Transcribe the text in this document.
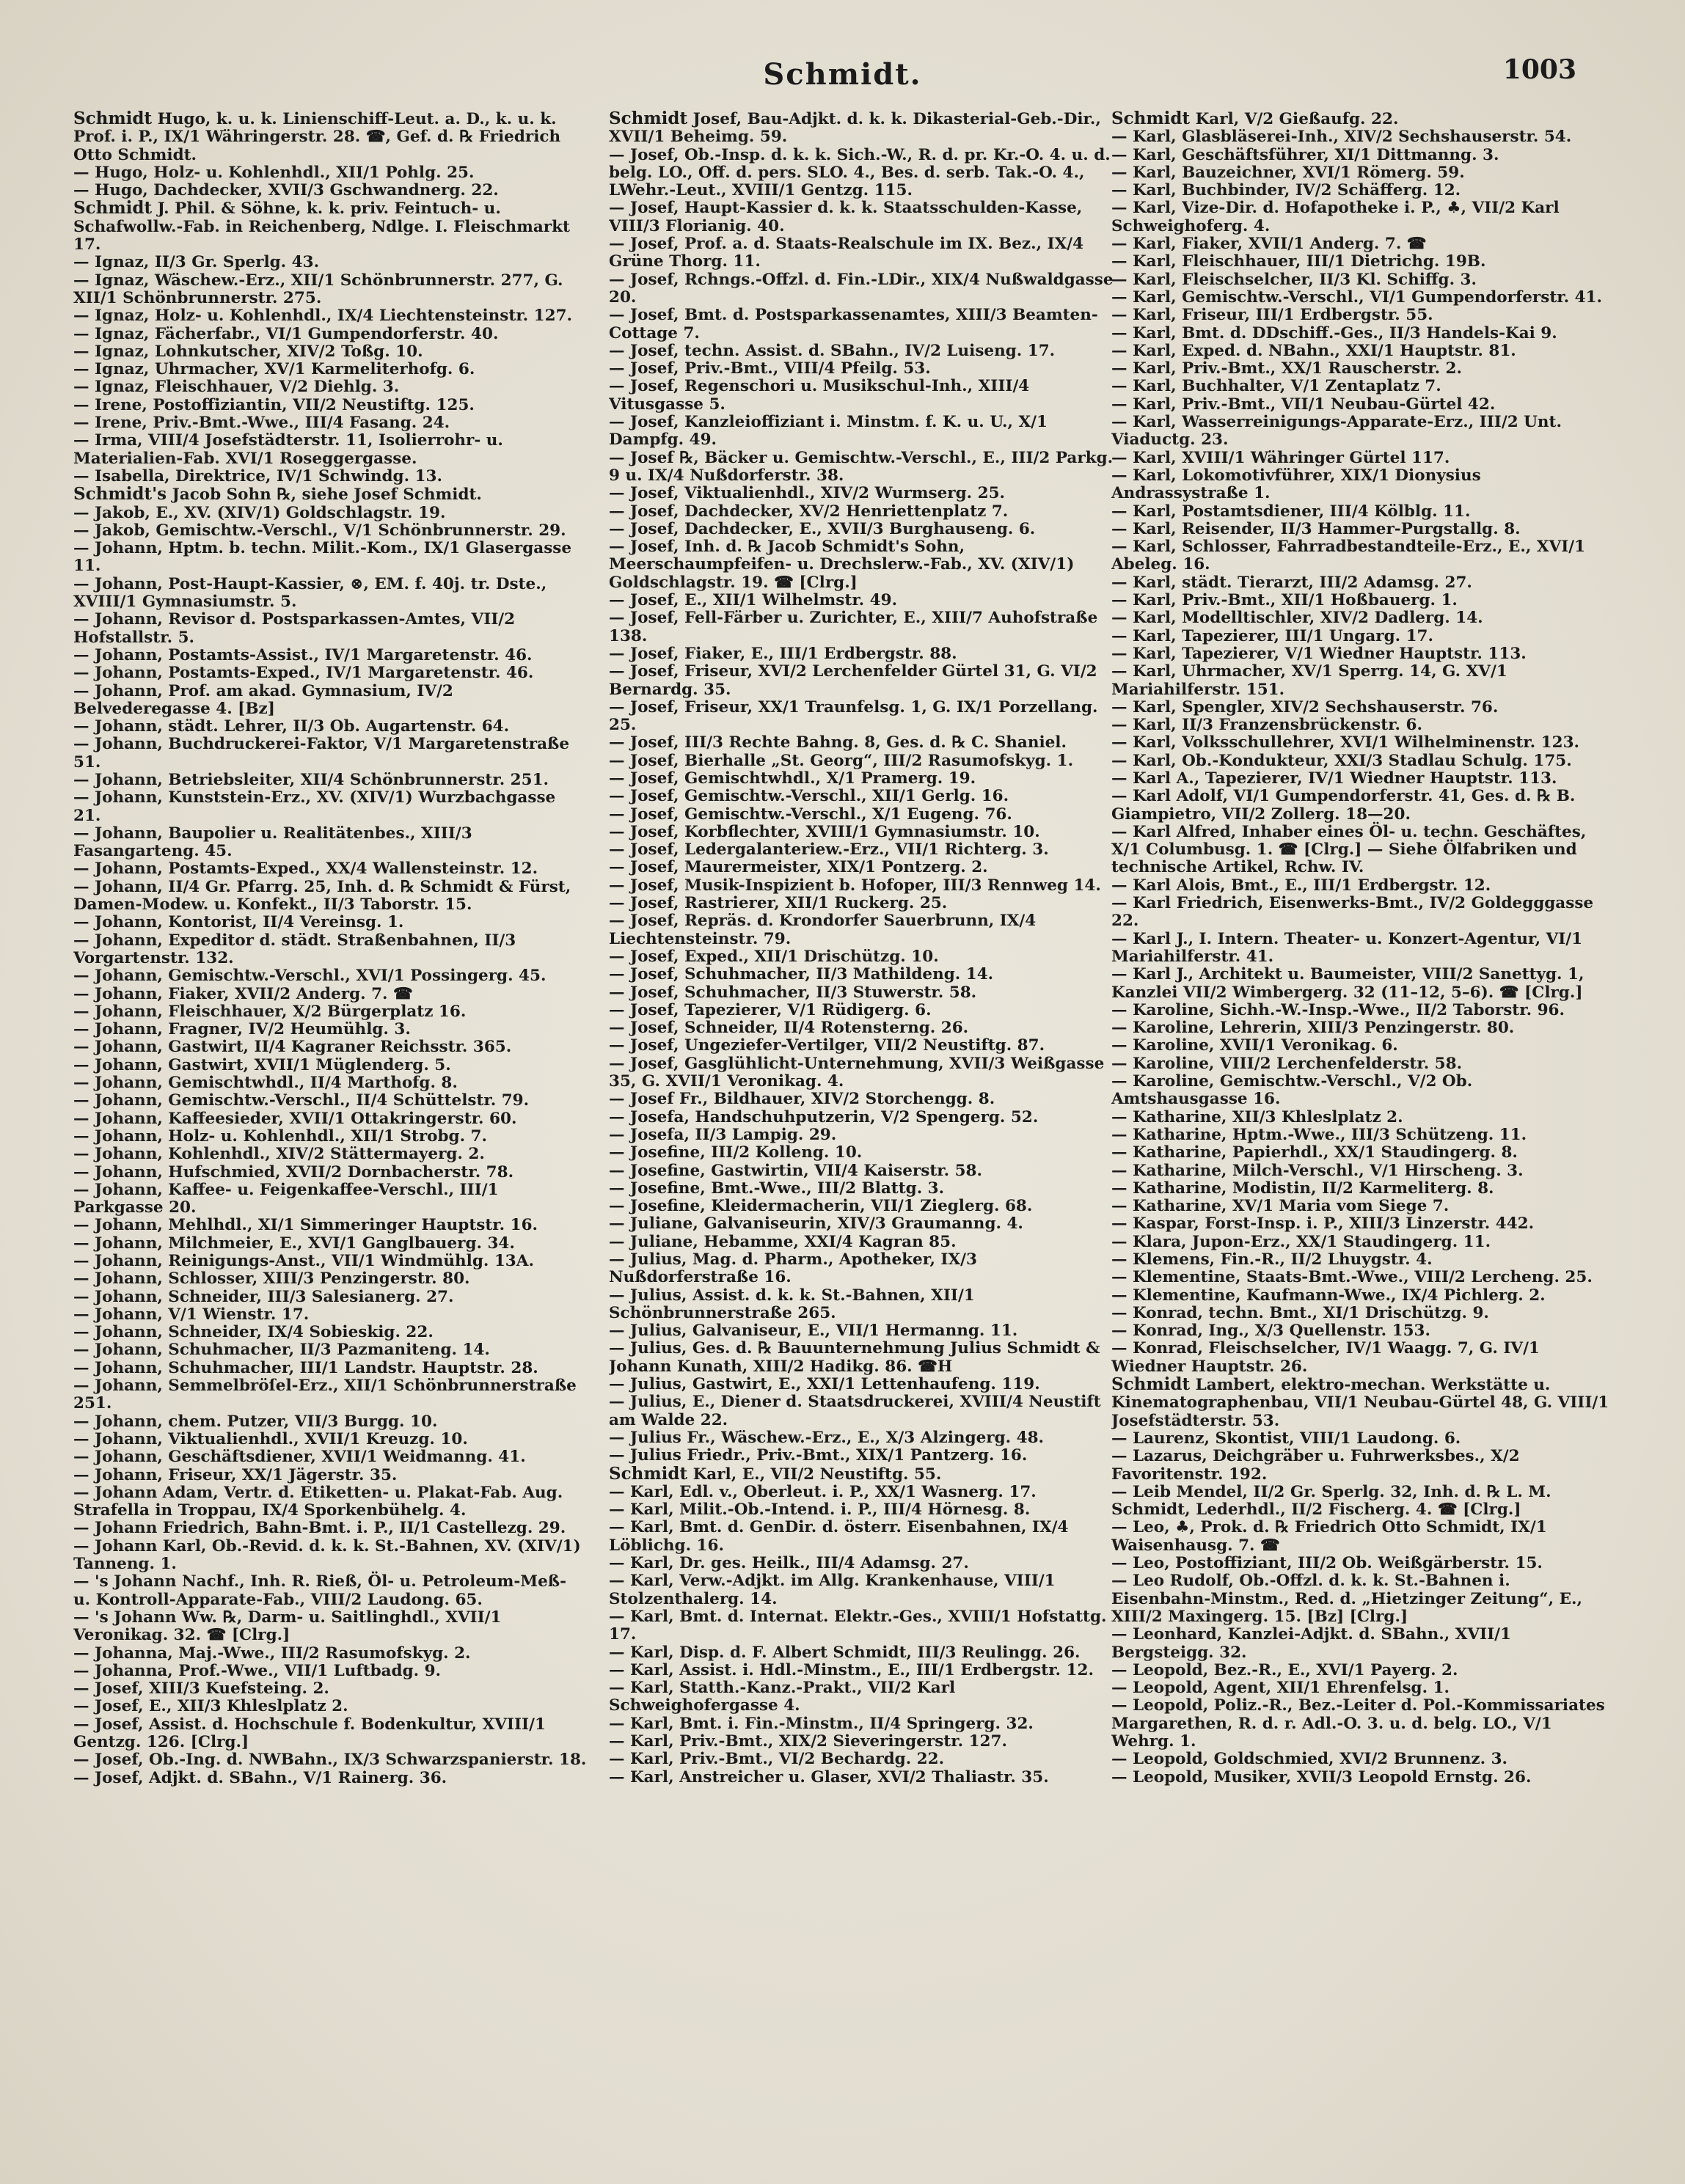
Schmidt.	1003

Schmidt Hugo, k. u. k. Linienschiff-Leut. a. D., k. u. k. Prof. i. P., IX/1 Währingerstr. 28. ☎, Gef. d. ℞ Friedrich Otto Schmidt.

— Hugo, Holz- u. Kohlenhdl., XII/1 Pohlg. 25.

— Hugo, Dachdecker, XVII/3 Gschwandnerg. 22.

Schmidt J. Phil. & Söhne, k. k. priv. Feintuch- u. Schafwollw.-Fab. in Reichenberg, Ndlge. I. Fleischmarkt 17.

— Ignaz, II/3 Gr. Sperlg. 43.

— Ignaz, Wäschew.-Erz., XII/1 Schönbrunnerstr. 277, G. XII/1 Schönbrunnerstr. 275.

— Ignaz, Holz- u. Kohlenhdl., IX/4 Liechtensteinstr. 127.

— Ignaz, Fächerfabr., VI/1 Gumpendorferstr. 40.

— Ignaz, Lohnkutscher, XIV/2 Toßg. 10.

— Ignaz, Uhrmacher, XV/1 Karmeliterhofg. 6.

— Ignaz, Fleischhauer, V/2 Diehlg. 3.

— Irene, Postoffiziantin, VII/2 Neustiftg. 125.

— Irene, Priv.-Bmt.-Wwe., III/4 Fasang. 24.

— Irma, VIII/4 Josefstädterstr. 11, Isolierrohr- u. Materialien-Fab. XVI/1 Roseggergasse.

— Isabella, Direktrice, IV/1 Schwindg. 13.

Schmidt's Jacob Sohn ℞, siehe Josef Schmidt.

— Jakob, E., XV. (XIV/1) Goldschlagstr. 19.

— Jakob, Gemischtw.-Verschl., V/1 Schönbrunnerstr. 29.

— Johann, Hptm. b. techn. Milit.-Kom., IX/1 Glasergasse 11.

— Johann, Post-Haupt-Kassier, ⊗, EM. f. 40j. tr. Dste., XVIII/1 Gymnasiumstr. 5.

— Johann, Revisor d. Postsparkassen-Amtes, VII/2 Hofstallstr. 5.

— Johann, Postamts-Assist., IV/1 Margaretenstr. 46.

— Johann, Postamts-Exped., IV/1 Margaretenstr. 46.

— Johann, Prof. am akad. Gymnasium, IV/2 Belvederegasse 4. [Bz]

— Johann, städt. Lehrer, II/3 Ob. Augartenstr. 64.

— Johann, Buchdruckerei-Faktor, V/1 Margaretenstraße 51.

— Johann, Betriebsleiter, XII/4 Schönbrunnerstr. 251.

— Johann, Kunststein-Erz., XV. (XIV/1) Wurzbachgasse 21.

— Johann, Baupolier u. Realitätenbes., XIII/3 Fasangarteng. 45.

— Johann, Postamts-Exped., XX/4 Wallensteinstr. 12.

— Johann, II/4 Gr. Pfarrg. 25, Inh. d. ℞ Schmidt & Fürst, Damen-Modew. u. Konfekt., II/3 Taborstr. 15.

— Johann, Kontorist, II/4 Vereinsg. 1.

— Johann, Expeditor d. städt. Straßenbahnen, II/3 Vorgartenstr. 132.

— Johann, Gemischtw.-Verschl., XVI/1 Possingerg. 45.

— Johann, Fiaker, XVII/2 Anderg. 7. ☎

— Johann, Fleischhauer, X/2 Bürgerplatz 16.

— Johann, Fragner, IV/2 Heumühlg. 3.

— Johann, Gastwirt, II/4 Kagraner Reichsstr. 365.

— Johann, Gastwirt, XVII/1 Müglenderg. 5.

— Johann, Gemischtwhdl., II/4 Marthofg. 8.

— Johann, Gemischtw.-Verschl., II/4 Schüttelstr. 79.

— Johann, Kaffeesieder, XVII/1 Ottakringerstr. 60.

— Johann, Holz- u. Kohlenhdl., XII/1 Strobg. 7.

— Johann, Kohlenhdl., XIV/2 Stättermayerg. 2.

— Johann, Hufschmied, XVII/2 Dornbacherstr. 78.

— Johann, Kaffee- u. Feigenkaffee-Verschl., III/1 Parkgasse 20.

— Johann, Mehlhdl., XI/1 Simmeringer Hauptstr. 16.

— Johann, Milchmeier, E., XVI/1 Ganglbauerg. 34.

— Johann, Reinigungs-Anst., VII/1 Windmühlg. 13A.

— Johann, Schlosser, XIII/3 Penzingerstr. 80.

— Johann, Schneider, III/3 Salesianerg. 27.

— Johann, V/1 Wienstr. 17.

— Johann, Schneider, IX/4 Sobieskig. 22.

— Johann, Schuhmacher, II/3 Pazmaniteng. 14.

— Johann, Schuhmacher, III/1 Landstr. Hauptstr. 28.

— Johann, Semmelbröſel-Erz., XII/1 Schönbrunnerstraße 251.

— Johann, chem. Putzer, VII/3 Burgg. 10.

— Johann, Viktualienhdl., XVII/1 Kreuzg. 10.

— Johann, Geschäftsdiener, XVII/1 Weidmanng. 41.

— Johann, Friseur, XX/1 Jägerstr. 35.

— Johann Adam, Vertr. d. Etiketten- u. Plakat-Fab. Aug. Strafella in Troppau, IX/4 Sporkenbühelg. 4.

— Johann Friedrich, Bahn-Bmt. i. P., II/1 Castellezg. 29.

— Johann Karl, Ob.-Revid. d. k. k. St.-Bahnen, XV. (XIV/1) Tanneng. 1.

— 's Johann Nachf., Inh. R. Rieß, Öl- u. Petroleum-Meß- u. Kontroll-Apparate-Fab., VIII/2 Laudong. 65.

— 's Johann Ww. ℞, Darm- u. Saitlinghdl., XVII/1 Veronikag. 32. ☎ [Clrg.]

— Johanna, Maj.-Wwe., III/2 Rasumofskyg. 2.

— Johanna, Prof.-Wwe., VII/1 Luftbadg. 9.

— Josef, XIII/3 Kuefsteing. 2.

— Josef, E., XII/3 Khleslplatz 2.

— Josef, Assist. d. Hochschule f. Bodenkultur, XVIII/1 Gentzg. 126. [Clrg.]

— Josef, Ob.-Ing. d. NWBahn., IX/3 Schwarzspanierstr. 18.

— Josef, Adjkt. d. SBahn., V/1 Rainerg. 36.

Schmidt Josef, Bau-Adjkt. d. k. k. Dikasterial-Geb.-Dir., XVII/1 Beheimg. 59.

— Josef, Ob.-Insp. d. k. k. Sich.-W., R. d. pr. Kr.-O. 4. u. d. belg. LO., Off. d. pers. SLO. 4., Bes. d. serb. Tak.-O. 4., LWehr.-Leut., XVIII/1 Gentzg. 115.

— Josef, Haupt-Kassier d. k. k. Staatsschulden-Kasse, VIII/3 Florianig. 40.

— Josef, Prof. a. d. Staats-Realschule im IX. Bez., IX/4 Grüne Thorg. 11.

— Josef, Rchngs.-Offzl. d. Fin.-LDir., XIX/4 Nußwaldgasse 20.

— Josef, Bmt. d. Postsparkassenamtes, XIII/3 Beamten-Cottage 7.

— Josef, techn. Assist. d. SBahn., IV/2 Luiseng. 17.

— Josef, Priv.-Bmt., VIII/4 Pfeilg. 53.

— Josef, Regenschori u. Musikschul-Inh., XIII/4 Vitusgasse 5.

— Josef, Kanzleioffiziant i. Minstm. f. K. u. U., X/1 Dampfg. 49.

— Josef ℞, Bäcker u. Gemischtw.-Verschl., E., III/2 Parkg. 9 u. IX/4 Nußdorferstr. 38.

— Josef, Viktualienhdl., XIV/2 Wurmserg. 25.

— Josef, Dachdecker, XV/2 Henriettenplatz 7.

— Josef, Dachdecker, E., XVII/3 Burghauseng. 6.

— Josef, Inh. d. ℞ Jacob Schmidt's Sohn, Meerschaumpfeifen- u. Drechslerw.-Fab., XV. (XIV/1) Goldschlagstr. 19. ☎ [Clrg.]

— Josef, E., XII/1 Wilhelmstr. 49.

— Josef, Fell-Färber u. Zurichter, E., XIII/7 Auhofstraße 138.

— Josef, Fiaker, E., III/1 Erdbergstr. 88.

— Josef, Friseur, XVI/2 Lerchenfelder Gürtel 31, G. VI/2 Bernardg. 35.

— Josef, Friseur, XX/1 Traunfelsg. 1, G. IX/1 Porzellang. 25.

— Josef, III/3 Rechte Bahng. 8, Ges. d. ℞ C. Shaniel.

— Josef, Bierhalle „St. Georg“, III/2 Rasumofskyg. 1.

— Josef, Gemischtwhdl., X/1 Pramerg. 19.

— Josef, Gemischtw.-Verschl., XII/1 Gerlg. 16.

— Josef, Gemischtw.-Verschl., X/1 Eugeng. 76.

— Josef, Korbflechter, XVIII/1 Gymnasiumstr. 10.

— Josef, Ledergalanteriew.-Erz., VII/1 Richterg. 3.

— Josef, Maurermeister, XIX/1 Pontzerg. 2.

— Josef, Musik-Inspizient b. Hofoper, III/3 Rennweg 14.

— Josef, Rastrierer, XII/1 Ruckerg. 25.

— Josef, Repräs. d. Krondorfer Sauerbrunn, IX/4 Liechtensteinstr. 79.

— Josef, Exped., XII/1 Drischützg. 10.

— Josef, Schuhmacher, II/3 Mathildeng. 14.

— Josef, Schuhmacher, II/3 Stuwerstr. 58.

— Josef, Tapezierer, V/1 Rüdigerg. 6.

— Josef, Schneider, II/4 Rotensterng. 26.

— Josef, Ungeziefer-Vertilger, VII/2 Neustiftg. 87.

— Josef, Gasglühlicht-Unternehmung, XVII/3 Weißgasse 35, G. XVII/1 Veronikag. 4.

— Josef Fr., Bildhauer, XIV/2 Storchengg. 8.

— Josefa, Handschuhputzerin, V/2 Spengerg. 52.

— Josefa, II/3 Lampig. 29.

— Josefine, III/2 Kolleng. 10.

— Josefine, Gastwirtin, VII/4 Kaiserstr. 58.

— Josefine, Bmt.-Wwe., III/2 Blattg. 3.

— Josefine, Kleidermacherin, VII/1 Zieglerg. 68.

— Juliane, Galvaniseurin, XIV/3 Graumanng. 4.

— Juliane, Hebamme, XXI/4 Kagran 85.

— Julius, Mag. d. Pharm., Apotheker, IX/3 Nußdorferstraße 16.

— Julius, Assist. d. k. k. St.-Bahnen, XII/1 Schönbrunnerstraße 265.

— Julius, Galvaniseur, E., VII/1 Hermanng. 11.

— Julius, Ges. d. ℞ Bauunternehmung Julius Schmidt & Johann Kunath, XIII/2 Hadikg. 86. ☎H

— Julius, Gastwirt, E., XXI/1 Lettenhaufeng. 119.

— Julius, E., Diener d. Staatsdruckerei, XVIII/4 Neustift am Walde 22.

— Julius Fr., Wäschew.-Erz., E., X/3 Alzingerg. 48.

— Julius Friedr., Priv.-Bmt., XIX/1 Pantzerg. 16.

Schmidt Karl, E., VII/2 Neustiftg. 55.

— Karl, Edl. v., Oberleut. i. P., XX/1 Wasnerg. 17.

— Karl, Milit.-Ob.-Intend. i. P., III/4 Hörnesg. 8.

— Karl, Bmt. d. GenDir. d. österr. Eisenbahnen, IX/4 Löblichg. 16.

— Karl, Dr. ges. Heilk., III/4 Adamsg. 27.

— Karl, Verw.-Adjkt. im Allg. Krankenhause, VIII/1 Stolzenthalerg. 14.

— Karl, Bmt. d. Internat. Elektr.-Ges., XVIII/1 Hofstattg. 17.

— Karl, Disp. d. F. Albert Schmidt, III/3 Reulingg. 26.

— Karl, Assist. i. Hdl.-Minstm., E., III/1 Erdbergstr. 12.

— Karl, Statth.-Kanz.-Prakt., VII/2 Karl Schweighofergasse 4.

— Karl, Bmt. i. Fin.-Minstm., II/4 Springerg. 32.

— Karl, Priv.-Bmt., XIX/2 Sieveringerstr. 127.

— Karl, Priv.-Bmt., VI/2 Bechardg. 22.

— Karl, Anstreicher u. Glaser, XVI/2 Thaliastr. 35.

Schmidt Karl, V/2 Gießaufg. 22.

— Karl, Glasbläserei-Inh., XIV/2 Sechshauserstr. 54.

— Karl, Geschäftsführer, XI/1 Dittmanng. 3.

— Karl, Bauzeichner, XVI/1 Römerg. 59.

— Karl, Buchbinder, IV/2 Schäfferg. 12.

— Karl, Vize-Dir. d. Hofapotheke i. P., ♣, VII/2 Karl Schweighoferg. 4.

— Karl, Fiaker, XVII/1 Anderg. 7. ☎

— Karl, Fleischhauer, III/1 Dietrichg. 19B.

— Karl, Fleischselcher, II/3 Kl. Schiffg. 3.

— Karl, Gemischtw.-Verschl., VI/1 Gumpendorferstr. 41.

— Karl, Friseur, III/1 Erdbergstr. 55.

— Karl, Bmt. d. DDschiff.-Ges., II/3 Handels-Kai 9.

— Karl, Exped. d. NBahn., XXI/1 Hauptstr. 81.

— Karl, Priv.-Bmt., XX/1 Rauscherstr. 2.

— Karl, Buchhalter, V/1 Zentaplatz 7.

— Karl, Priv.-Bmt., VII/1 Neubau-Gürtel 42.

— Karl, Wasserreinigungs-Apparate-Erz., III/2 Unt. Viaductg. 23.

— Karl, XVIII/1 Währinger Gürtel 117.

— Karl, Lokomotivführer, XIX/1 Dionysius Andrassystraße 1.

— Karl, Postamtsdiener, III/4 Kölblg. 11.

— Karl, Reisender, II/3 Hammer-Purgstallg. 8.

— Karl, Schlosser, Fahrradbestandteile-Erz., E., XVI/1 Abeleg. 16.

— Karl, städt. Tierarzt, III/2 Adamsg. 27.

— Karl, Priv.-Bmt., XII/1 Hoßbauerg. 1.

— Karl, Modelltischler, XIV/2 Dadlerg. 14.

— Karl, Tapezierer, III/1 Ungarg. 17.

— Karl, Tapezierer, V/1 Wiedner Hauptstr. 113.

— Karl, Uhrmacher, XV/1 Sperrg. 14, G. XV/1 Mariahilferstr. 151.

— Karl, Spengler, XIV/2 Sechshauserstr. 76.

— Karl, II/3 Franzensbrückenstr. 6.

— Karl, Volksschullehrer, XVI/1 Wilhelminenstr. 123.

— Karl, Ob.-Kondukteur, XXI/3 Stadlau Schulg. 175.

— Karl A., Tapezierer, IV/1 Wiedner Hauptstr. 113.

— Karl Adolf, VI/1 Gumpendorferstr. 41, Ges. d. ℞ B. Giampietro, VII/2 Zollerg. 18—20.

— Karl Alfred, Inhaber eines Öl- u. techn. Geschäftes, X/1 Columbusg. 1. ☎ [Clrg.] — Siehe Ölfabriken und technische Artikel, Rchw. IV.

— Karl Alois, Bmt., E., III/1 Erdbergstr. 12.

— Karl Friedrich, Eisenwerks-Bmt., IV/2 Goldegggasse 22.

— Karl J., I. Intern. Theater- u. Konzert-Agentur, VI/1 Mariahilferstr. 41.

— Karl J., Architekt u. Baumeister, VIII/2 Sanettyg. 1, Kanzlei VII/2 Wimbergerg. 32 (11–12, 5–6). ☎ [Clrg.]

— Karoline, Sichh.-W.-Insp.-Wwe., II/2 Taborstr. 96.

— Karoline, Lehrerin, XIII/3 Penzingerstr. 80.

— Karoline, XVII/1 Veronikag. 6.

— Karoline, VIII/2 Lerchenfelderstr. 58.

— Karoline, Gemischtw.-Verschl., V/2 Ob. Amtshausgasse 16.

— Katharine, XII/3 Khleslplatz 2.

— Katharine, Hptm.-Wwe., III/3 Schützeng. 11.

— Katharine, Papierhdl., XX/1 Staudingerg. 8.

— Katharine, Milch-Verschl., V/1 Hirscheng. 3.

— Katharine, Modistin, II/2 Karmeliterg. 8.

— Katharine, XV/1 Maria vom Siege 7.

— Kaspar, Forst-Insp. i. P., XIII/3 Linzerstr. 442.

— Klara, Jupon-Erz., XX/1 Staudingerg. 11.

— Klemens, Fin.-R., II/2 Lhuygstr. 4.

— Klementine, Staats-Bmt.-Wwe., VIII/2 Lercheng. 25.

— Klementine, Kaufmann-Wwe., IX/4 Pichlerg. 2.

— Konrad, techn. Bmt., XI/1 Drischützg. 9.

— Konrad, Ing., X/3 Quellenstr. 153.

— Konrad, Fleischselcher, IV/1 Waagg. 7, G. IV/1 Wiedner Hauptstr. 26.

Schmidt Lambert, elektro-mechan. Werkstätte u. Kinematographenbau, VII/1 Neubau-Gürtel 48, G. VIII/1 Josefstädterstr. 53.

— Laurenz, Skontist, VIII/1 Laudong. 6.

— Lazarus, Deichgräber u. Fuhrwerksbes., X/2 Favoritenstr. 192.

— Leib Mendel, II/2 Gr. Sperlg. 32, Inh. d. ℞ L. M. Schmidt, Lederhdl., II/2 Fischerg. 4. ☎ [Clrg.]

— Leo, ♣, Prok. d. ℞ Friedrich Otto Schmidt, IX/1 Waisenhausg. 7. ☎

— Leo, Postoffiziant, III/2 Ob. Weißgärberstr. 15.

— Leo Rudolf, Ob.-Offzl. d. k. k. St.-Bahnen i. Eisenbahn-Minstm., Red. d. „Hietzinger Zeitung“, E., XIII/2 Maxingerg. 15. [Bz] [Clrg.]

— Leonhard, Kanzlei-Adjkt. d. SBahn., XVII/1 Bergsteigg. 32.

— Leopold, Bez.-R., E., XVI/1 Payerg. 2.

— Leopold, Agent, XII/1 Ehrenfelsg. 1.

— Leopold, Poliz.-R., Bez.-Leiter d. Pol.-Kommissariates Margarethen, R. d. r. Adl.-O. 3. u. d. belg. LO., V/1 Wehrg. 1.

— Leopold, Goldschmied, XVI/2 Brunnenz. 3.

— Leopold, Musiker, XVII/3 Leopold Ernstg. 26.
